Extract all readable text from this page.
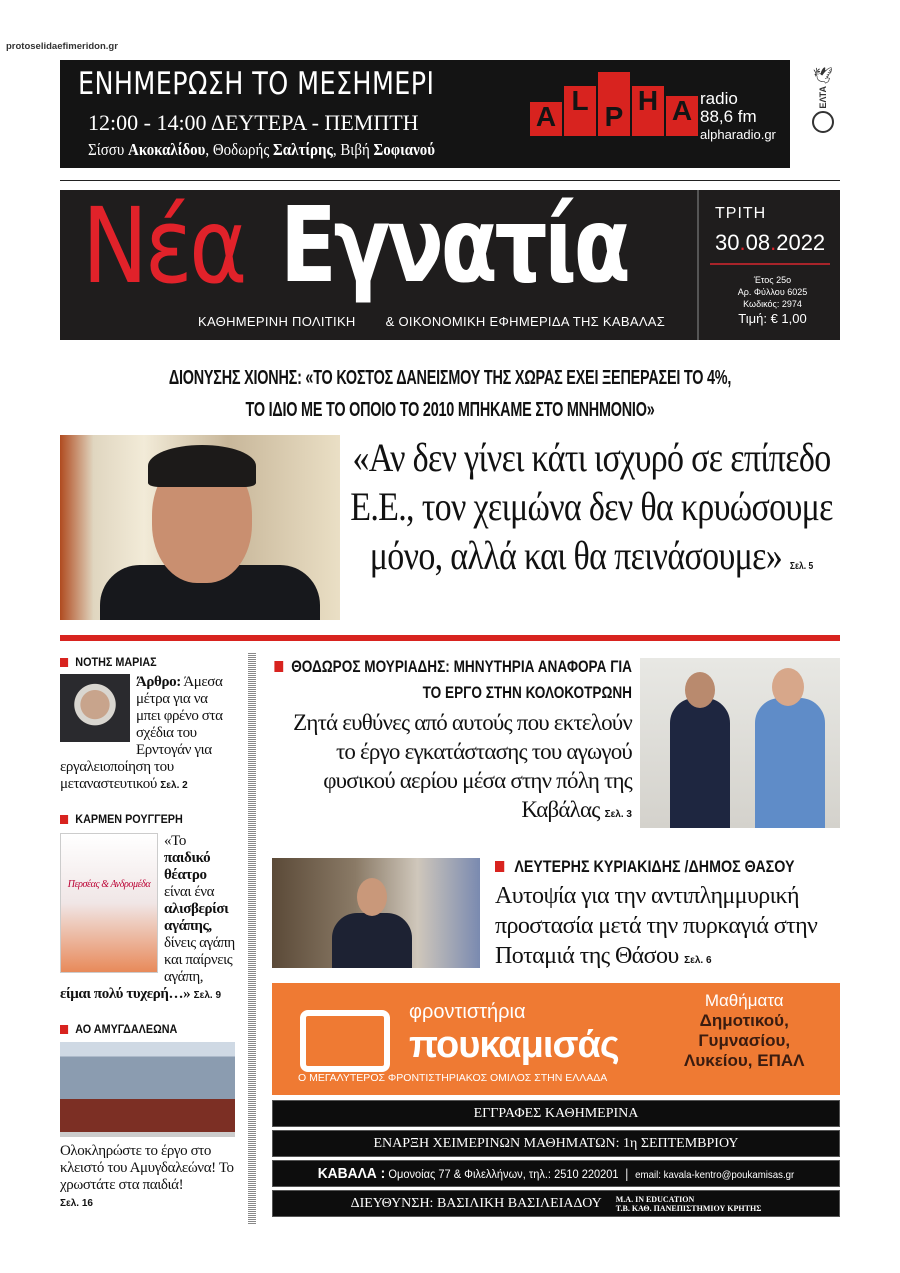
ΕΝΗΜΕΡΩΣΗ ΤΟ ΜΕΣΗΜΕΡΙ
12:00 - 14:00 ΔΕΥΤΕΡΑ - ΠΕΜΠΤΗ
Σίσσυ Ακοκαλίδου, Θοδωρής Σαλτίρης, Βιβή Σοφιανού
A
L
P
H A radio
88,6 fm
alpharadio.gr
🕊
ΕΛΤΑ
Νέα Εγνατία
ΚΑΘΗΜΕΡΙΝΗ ΠΟΛΙΤΙΚΗ & ΟΙΚΟΝΟΜΙΚΗ ΕΦΗΜΕΡΙΔΑ ΤΗΣ ΚΑΒΑΛΑΣ
ΤΡΙΤΗ
30.08.2022
Έτος 25ο
Αρ. Φύλλου 6025
Κωδικός: 2974
Τιμή: € 1,00
protoselidaefimeridon.gr
ΔΙΟΝΥΣΗΣ ΧΙΟΝΗΣ: «ΤΟ ΚΟΣΤΟΣ ΔΑΝΕΙΣΜΟΥ ΤΗΣ ΧΩΡΑΣ ΕΧΕΙ ΞΕΠΕΡΑΣΕΙ ΤΟ 4%,
ΤΟ ΙΔΙΟ ΜΕ ΤΟ ΟΠΟΙΟ ΤΟ 2010 ΜΠΗΚΑΜΕ ΣΤΟ ΜΝΗΜΟΝΙΟ»
«Αν δεν γίνει κάτι ισχυρό σε επίπεδο Ε.Ε., τον χειμώνα δεν θα κρυώσουμε μόνο, αλλά και θα πεινάσουμε» Σελ. 5
ΝΟΤΗΣ ΜΑΡΙΑΣ
Άρθρο: Άμεσα μέτρα για να μπει φρένο στα σχέδια του Ερντογάν για εργαλειοποίηση του μεταναστευτικού Σελ. 2
ΚΑΡΜΕΝ ΡΟΥΓΓΕΡΗ
Περσέας & Ανδρομέδα
«Το παιδικό θέατρο είναι ένα αλισβερίσι αγάπης, δίνεις αγάπη και παίρνεις αγάπη, είμαι πολύ τυχερή…» Σελ. 9
ΑΟ ΑΜΥΓΔΑΛΕΩΝΑ
Ολοκληρώστε το έργο στο κλειστό του Αμυγδαλεώνα! Το χρωστάτε στα παιδιά!
Σελ. 16
ΘΟΔΩΡΟΣ ΜΟΥΡΙΑΔΗΣ: ΜΗΝΥΤΗΡΙΑ ΑΝΑΦΟΡΑ ΓΙΑ ΤΟ ΕΡΓΟ ΣΤΗΝ ΚΟΛΟΚΟΤΡΩΝΗ
Ζητά ευθύνες από αυτούς που εκτελούν το έργο εγκατάστασης του αγωγού φυσικού αερίου μέσα στην πόλη της Καβάλας Σελ. 3
ΛΕΥΤΕΡΗΣ ΚΥΡΙΑΚΙΔΗΣ /ΔΗΜΟΣ ΘΑΣΟΥ
Αυτοψία για την αντιπλημμυρική προστασία μετά την πυρκαγιά στην Ποταμιά της Θάσου Σελ. 6
φροντιστήρια
πουκαμισάς
Ο ΜΕΓΑΛΥΤΕΡΟΣ ΦΡΟΝΤΙΣΤΗΡΙΑΚΟΣ ΟΜΙΛΟΣ ΣΤΗΝ ΕΛΛΑΔΑ
Μαθήματα
Δημοτικού,
Γυμνασίου,
Λυκείου, ΕΠΑΛ
ΕΓΓΡΑΦΕΣ ΚΑΘΗΜΕΡΙΝΑ
ΕΝΑΡΞΗ ΧΕΙΜΕΡΙΝΩΝ ΜΑΘΗΜΑΤΩΝ: 1η ΣΕΠΤΕΜΒΡΙΟΥ
ΚΑΒΑΛΑ : Ομονοίας 77 & Φιλελλήνων, τηλ.: 2510 220201 | email: kavala-kentro@poukamisas.gr
ΔΙΕΥΘΥΝΣΗ: ΒΑΣΙΛΙΚΗ ΒΑΣΙΛΕΙΑΔΟΥ M.A. IN EDUCATION
Τ.Β. ΚΑΘ. ΠΑΝΕΠΙΣΤΗΜΙΟΥ ΚΡΗΤΗΣ
